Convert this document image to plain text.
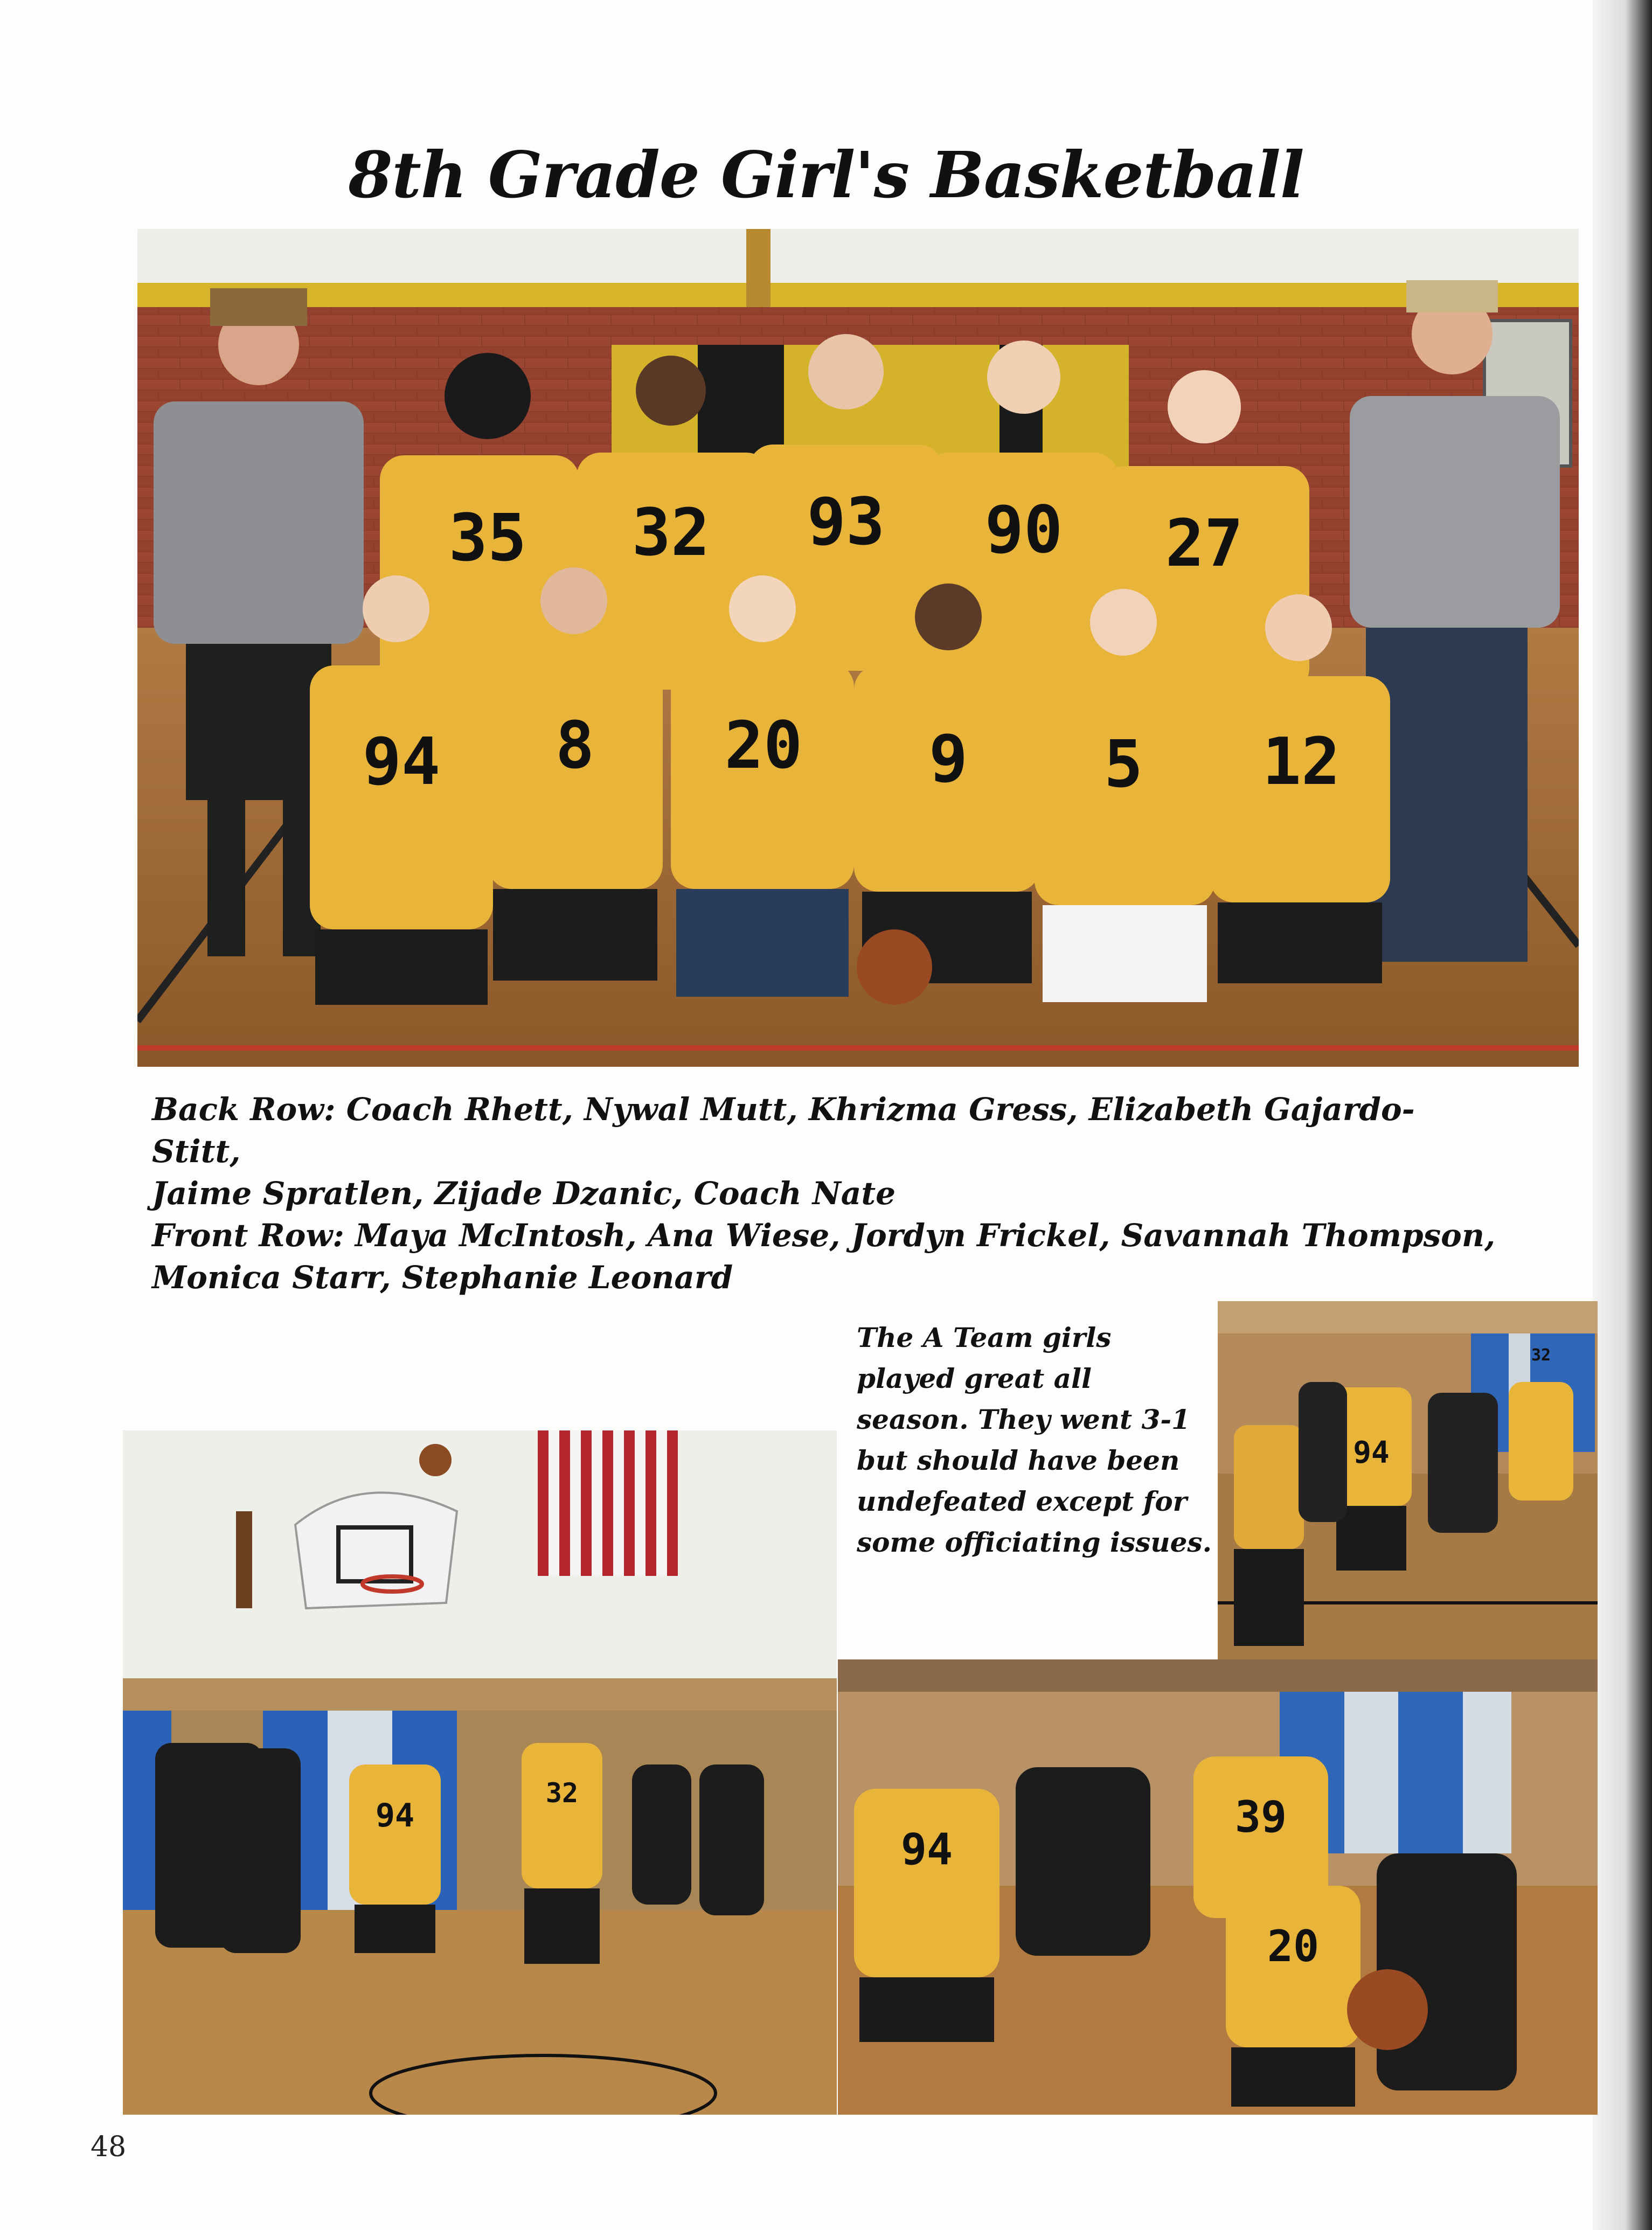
8th Grade Girl's Basketball
35 32 93 90 27
94 8 20 9 5 12
Back Row: Coach Rhett, Nywal Mutt, Khrizma Gress, Elizabeth Gajardo-Stitt,
Jaime Spratlen, Zijade Dzanic, Coach Nate
Front Row: Maya McIntosh, Ana Wiese, Jordyn Frickel, Savannah Thompson,
Monica Starr, Stephanie Leonard
94
32
The A Team girls
played great all
season. They went 3-1
but should have been
undefeated except for
some officiating issues.
94
32
94
39
20
48
